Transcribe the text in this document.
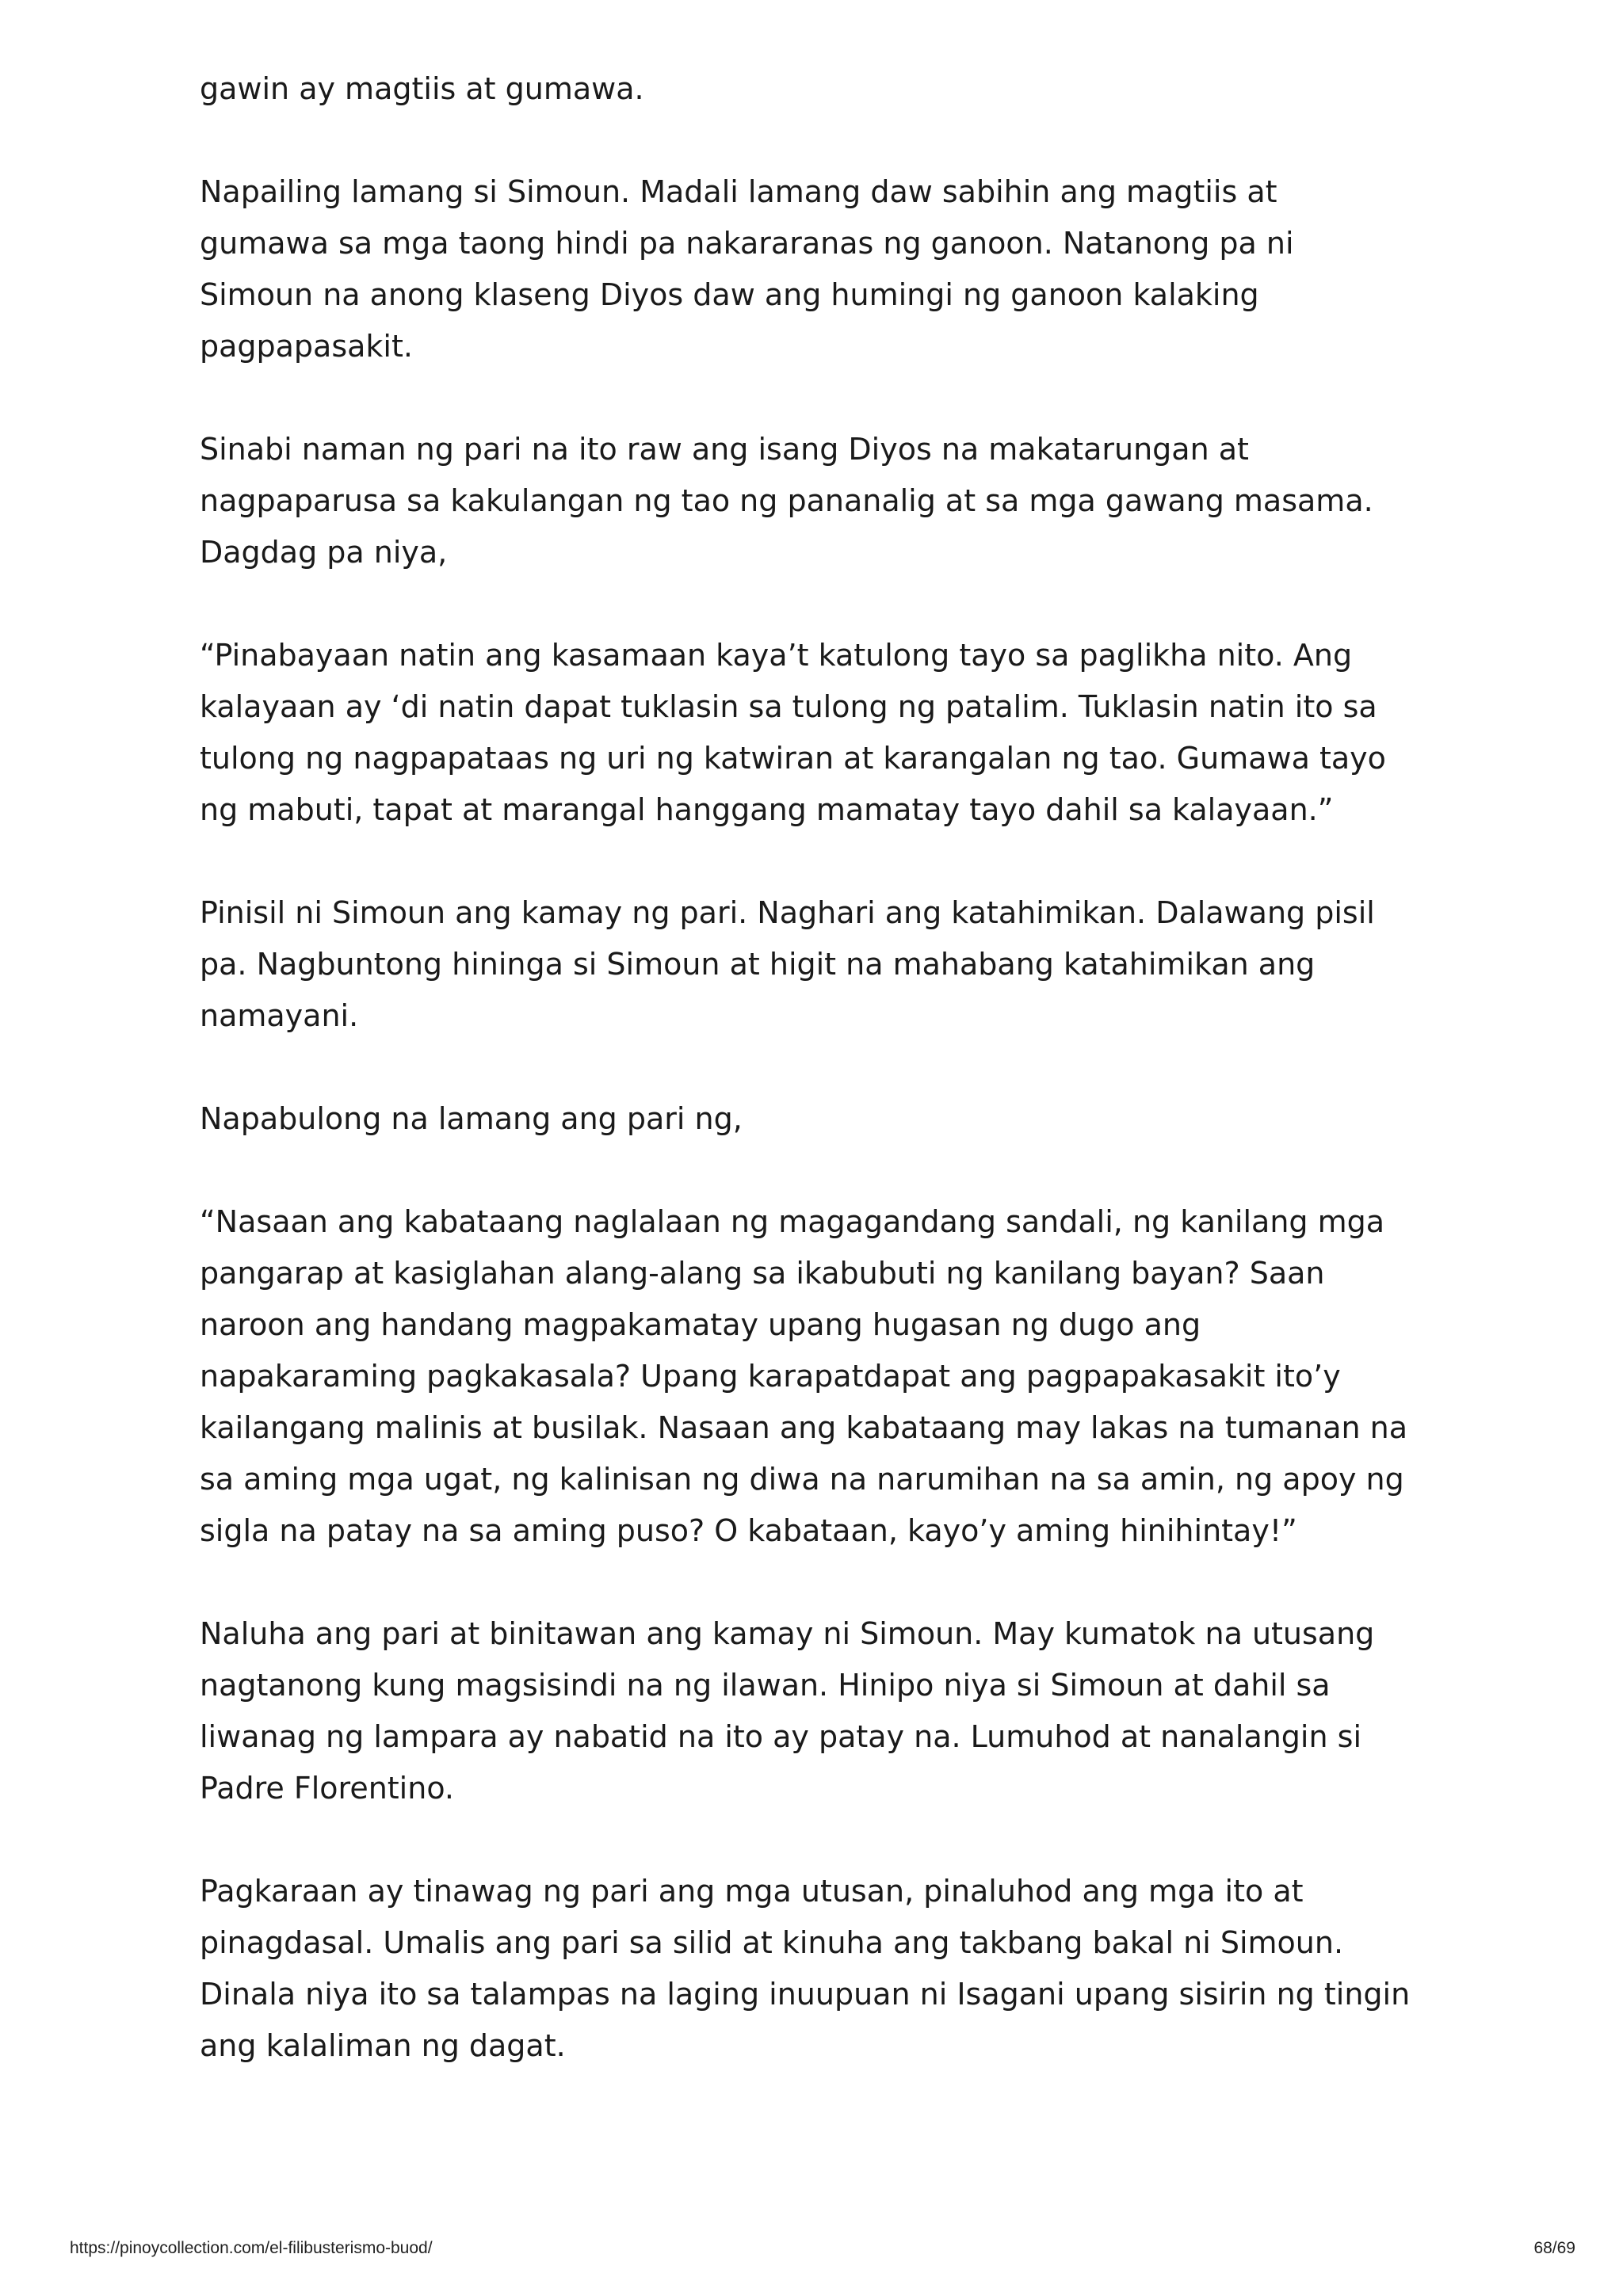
gawin ay magtiis at gumawa.

Napailing lamang si Simoun. Madali lamang daw sabihin ang magtiis at
gumawa sa mga taong hindi pa nakararanas ng ganoon. Natanong pa ni
Simoun na anong klaseng Diyos daw ang humingi ng ganoon kalaking
pagpapasakit.

Sinabi naman ng pari na ito raw ang isang Diyos na makatarungan at
nagpaparusa sa kakulangan ng tao ng pananalig at sa mga gawang masama.
Dagdag pa niya,

“Pinabayaan natin ang kasamaan kaya’t katulong tayo sa paglikha nito. Ang
kalayaan ay ‘di natin dapat tuklasin sa tulong ng patalim. Tuklasin natin ito sa
tulong ng nagpapataas ng uri ng katwiran at karangalan ng tao. Gumawa tayo
ng mabuti, tapat at marangal hanggang mamatay tayo dahil sa kalayaan.”

Pinisil ni Simoun ang kamay ng pari. Naghari ang katahimikan. Dalawang pisil
pa. Nagbuntong hininga si Simoun at higit na mahabang katahimikan ang
namayani.

Napabulong na lamang ang pari ng,

“Nasaan ang kabataang naglalaan ng magagandang sandali, ng kanilang mga
pangarap at kasiglahan alang-alang sa ikabubuti ng kanilang bayan? Saan
naroon ang handang magpakamatay upang hugasan ng dugo ang
napakaraming pagkakasala? Upang karapatdapat ang pagpapakasakit ito’y
kailangang malinis at busilak. Nasaan ang kabataang may lakas na tumanan na
sa aming mga ugat, ng kalinisan ng diwa na narumihan na sa amin, ng apoy ng
sigla na patay na sa aming puso? O kabataan, kayo’y aming hinihintay!”

Naluha ang pari at binitawan ang kamay ni Simoun. May kumatok na utusang
nagtanong kung magsisindi na ng ilawan. Hinipo niya si Simoun at dahil sa
liwanag ng lampara ay nabatid na ito ay patay na. Lumuhod at nanalangin si
Padre Florentino.

Pagkaraan ay tinawag ng pari ang mga utusan, pinaluhod ang mga ito at
pinagdasal. Umalis ang pari sa silid at kinuha ang takbang bakal ni Simoun.
Dinala niya ito sa talampas na laging inuupuan ni Isagani upang sisirin ng tingin
ang kalaliman ng dagat.

https://pinoycollection.com/el-filibusterismo-buod/	68/69
